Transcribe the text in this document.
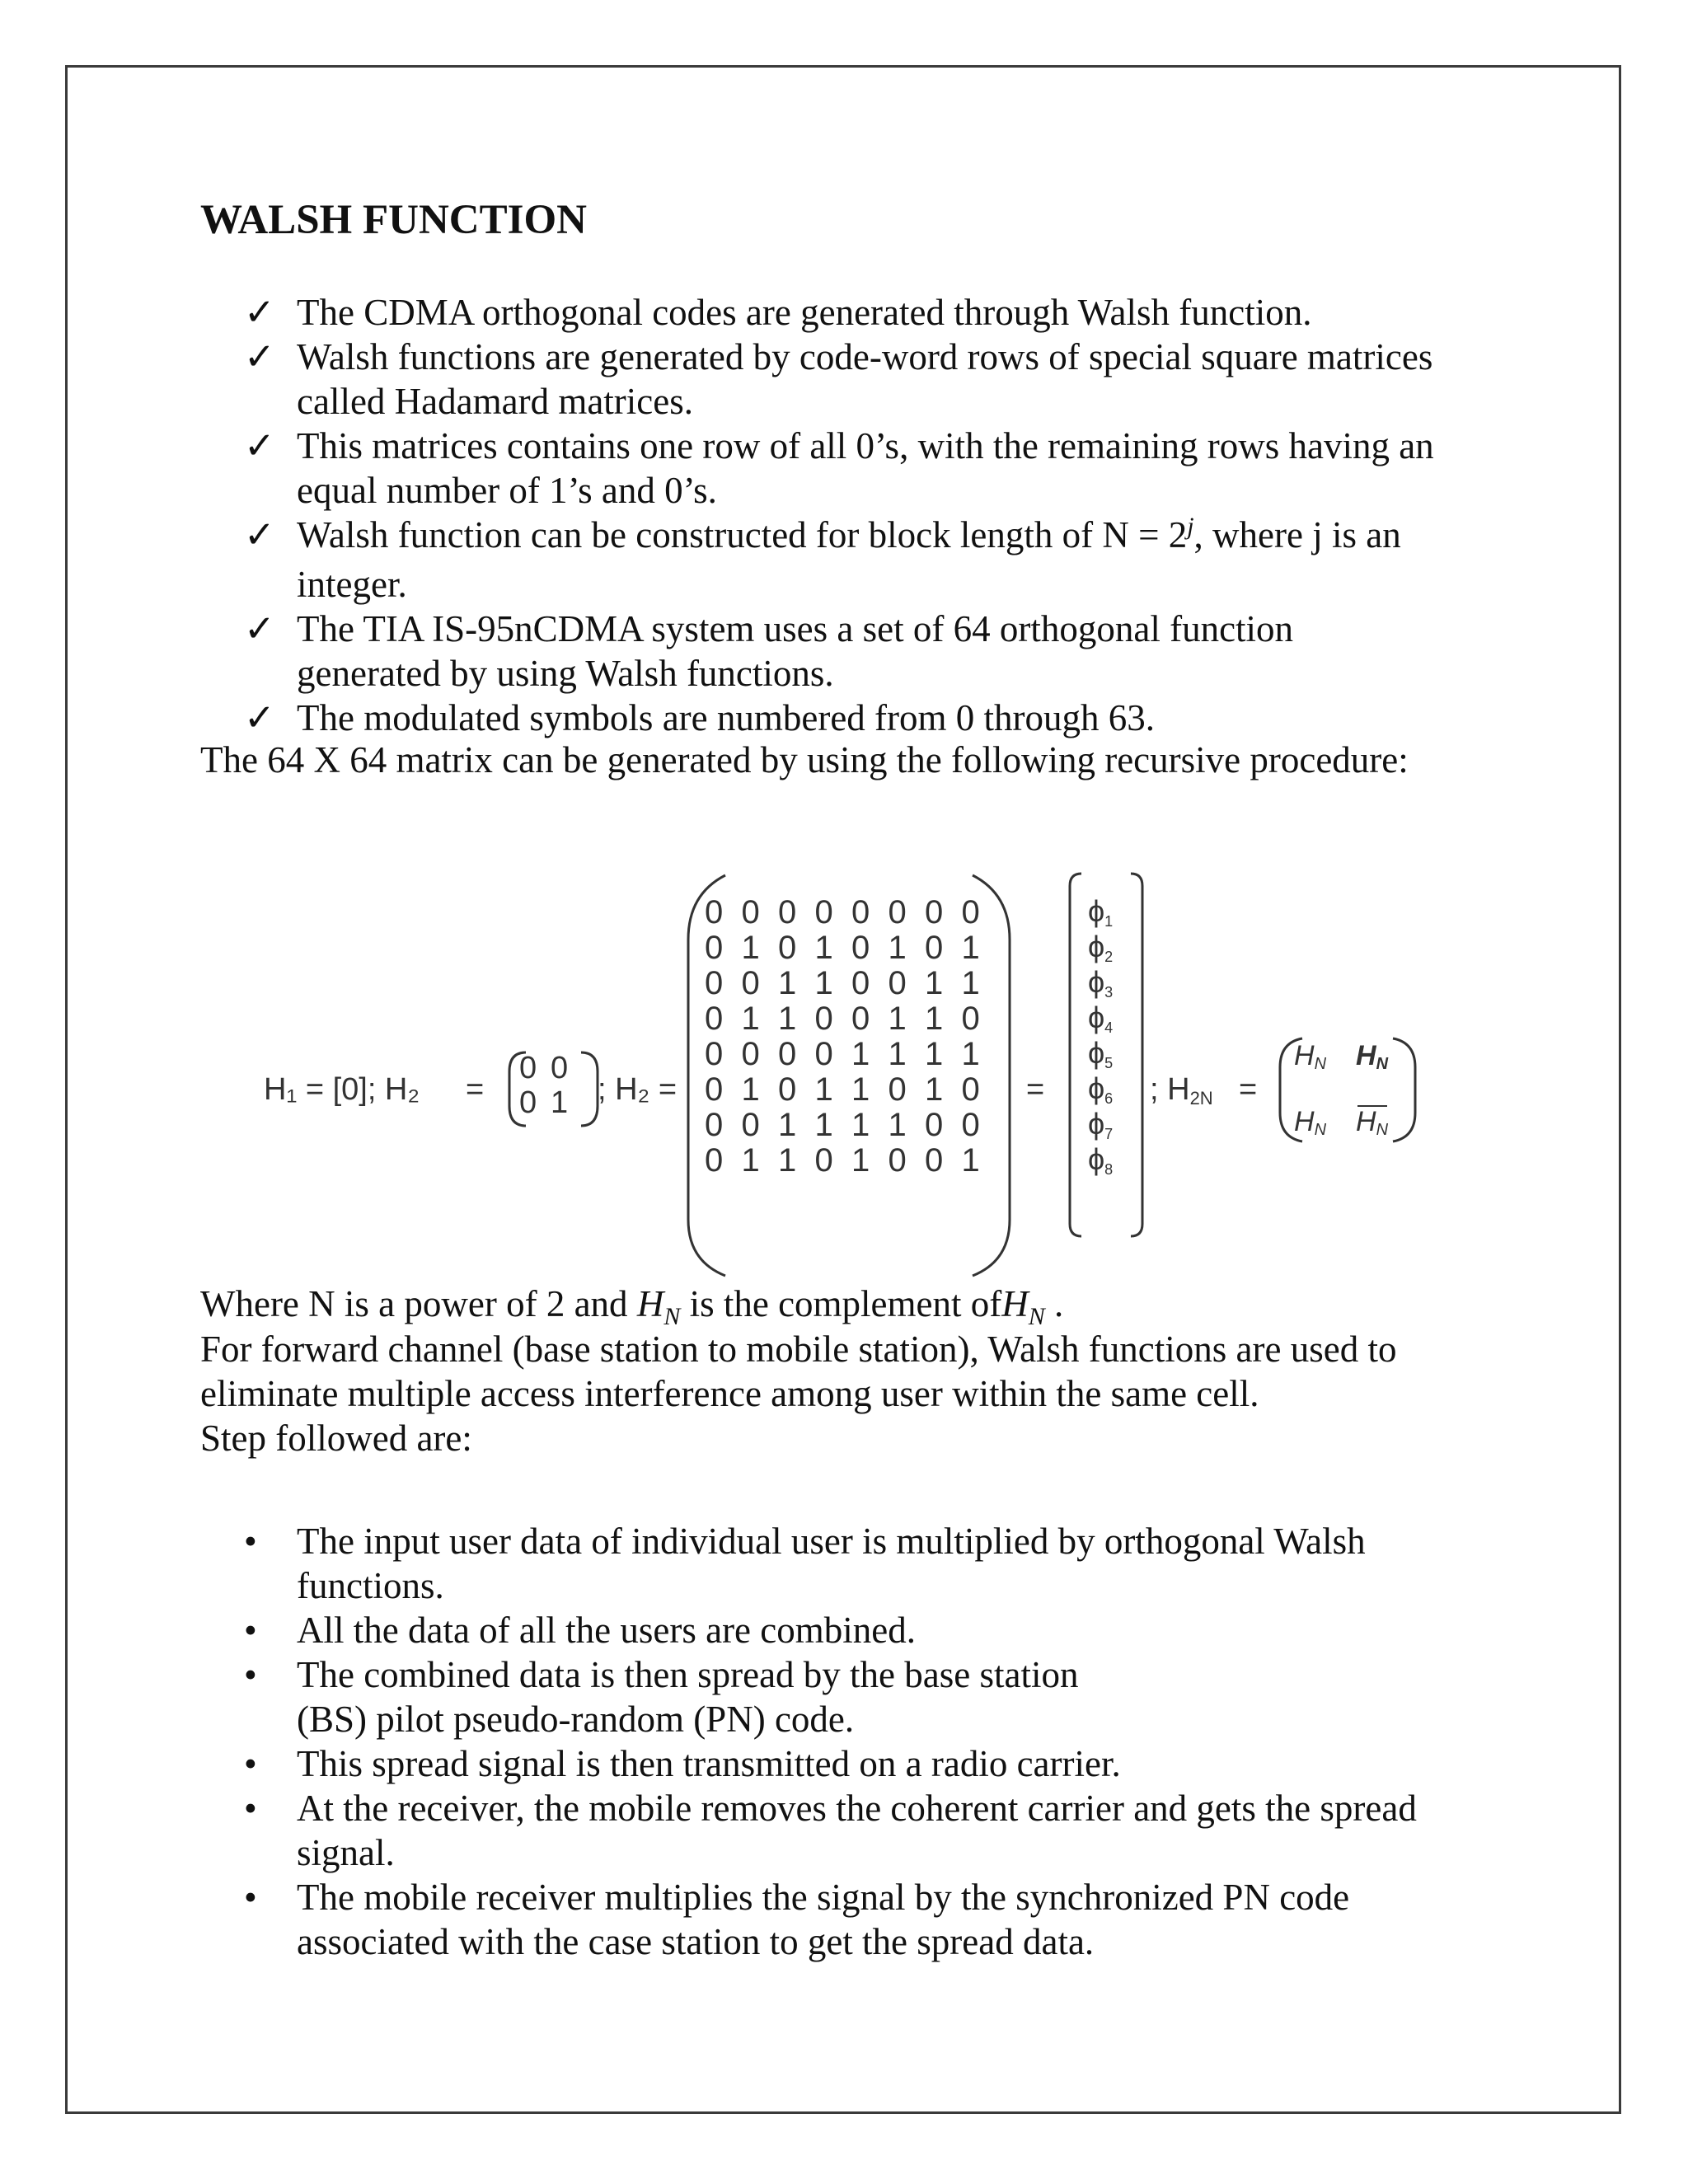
WALSH FUNCTION
✓ The CDMA orthogonal codes are generated through Walsh function.
✓ Walsh functions are generated by code-word rows of special square matrices
called Hadamard matrices.
✓ This matrices contains one row of all 0’s, with the remaining rows having an
equal number of 1’s and 0’s.
✓ Walsh function can be constructed for block length of $N = 2^j$, where j is an
integer.
✓ The TIA IS-95nCDMA system uses a set of 64 orthogonal function
generated by using Walsh functions.
✓ The modulated symbols are numbered from 0 through 63.
The 64 X 64 matrix can be generated by using the following recursive procedure:
H₁ = [0]; H₂ =
0 0
0 1 ; H₂ =
0 0 0 0 0 0 0 0
0 1 0 1 0 1 0 1
0 0 1 1 0 0 1 1
0 1 1 0 0 1 1 0
0 0 0 0 1 1 1 1
0 1 0 1 1 0 1 0
0 0 1 1 1 1 0 0
0 1 1 0 1 0 0 1
=
ϕ1
ϕ2
ϕ3
ϕ4
ϕ5
ϕ6
ϕ7
ϕ8
; H2N =
HN HN
HN HN
Where N is a power of 2 and $H_N$ is the complement ofH$_N$ .
For forward channel (base station to mobile station), Walsh functions are used to
eliminate multiple access interference among user within the same cell.
Step followed are:
• The input user data of individual user is multiplied by orthogonal Walsh
functions.
• All the data of all the users are combined.
• The combined data is then spread by the base station
(BS) pilot pseudo-random (PN) code.
• This spread signal is then transmitted on a radio carrier.
• At the receiver, the mobile removes the coherent carrier and gets the spread
signal.
• The mobile receiver multiplies the signal by the synchronized PN code
associated with the case station to get the spread data.
